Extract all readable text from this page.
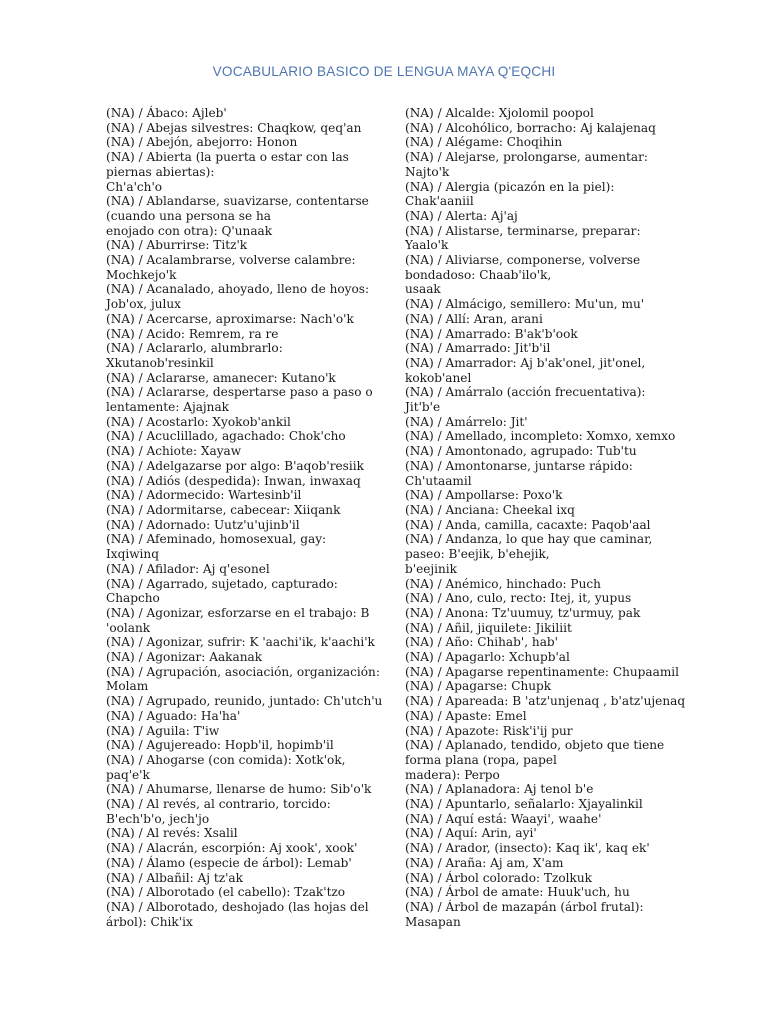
VOCABULARIO BASICO DE LENGUA MAYA Q'EQCHI
(NA) / Ábaco: Ajleb'
(NA) / Abejas silvestres: Chaqkow, qeq'an
(NA) / Abejón, abejorro: Honon
(NA) / Abierta (la puerta o estar con las
piernas abiertas):
Ch'a'ch'o
(NA) / Ablandarse, suavizarse, contentarse
(cuando una persona se ha
enojado con otra): Q'unaak
(NA) / Aburrirse: Titz'k
(NA) / Acalambrarse, volverse calambre:
Mochkejo'k
(NA) / Acanalado, ahoyado, lleno de hoyos:
Job'ox, julux
(NA) / Acercarse, aproximarse: Nach'o'k
(NA) / Acido: Remrem, ra re
(NA) / Aclararlo, alumbrarlo:
Xkutanob'resinkil
(NA) / Aclararse, amanecer: Kutano'k
(NA) / Aclararse, despertarse paso a paso o
lentamente: Ajajnak
(NA) / Acostarlo: Xyokob'ankil
(NA) / Acuclillado, agachado: Chok'cho
(NA) / Achiote: Xayaw
(NA) / Adelgazarse por algo: B'aqob'resiik
(NA) / Adiós (despedida): Inwan, inwaxaq
(NA) / Adormecido: Wartesinb'il
(NA) / Adormitarse, cabecear: Xiiqank
(NA) / Adornado: Uutz'u'ujinb'il
(NA) / Afeminado, homosexual, gay:
Ixqiwinq
(NA) / Afilador: Aj q'esonel
(NA) / Agarrado, sujetado, capturado:
Chapcho
(NA) / Agonizar, esforzarse en el trabajo: B
'oolank
(NA) / Agonizar, sufrir: K 'aachi'ik, k'aachi'k
(NA) / Agonizar: Aakanak
(NA) / Agrupación, asociación, organización:
Molam
(NA) / Agrupado, reunido, juntado: Ch'utch'u
(NA) / Aguado: Ha'ha'
(NA) / Aguila: T'iw
(NA) / Agujereado: Hopb'il, hopimb'il
(NA) / Ahogarse (con comida): Xotk'ok,
paq'e'k
(NA) / Ahumarse, llenarse de humo: Sib'o'k
(NA) / Al revés, al contrario, torcido:
B'ech'b'o, jech'jo
(NA) / Al revés: Xsalil
(NA) / Alacrán, escorpión: Aj xook', xook'
(NA) / Álamo (especie de árbol): Lemab'
(NA) / Albañil: Aj tz'ak
(NA) / Alborotado (el cabello): Tzak'tzo
(NA) / Alborotado, deshojado (las hojas del
árbol): Chik'ix
(NA) / Alcalde: Xjolomil poopol
(NA) / Alcohólico, borracho: Aj kalajenaq
(NA) / Alégame: Choqihin
(NA) / Alejarse, prolongarse, aumentar:
Najto'k
(NA) / Alergia (picazón en la piel):
Chak'aaniil
(NA) / Alerta: Aj'aj
(NA) / Alistarse, terminarse, preparar:
Yaalo'k
(NA) / Aliviarse, componerse, volverse
bondadoso: Chaab'ilo'k,
usaak
(NA) / Almácigo, semillero: Mu'un, mu'
(NA) / Allí: Aran, arani
(NA) / Amarrado: B'ak'b'ook
(NA) / Amarrado: Jit'b'il
(NA) / Amarrador: Aj b'ak'onel, jit'onel,
kokob'anel
(NA) / Amárralo (acción frecuentativa):
Jit'b'e
(NA) / Amárrelo: Jit'
(NA) / Amellado, incompleto: Xomxo, xemxo
(NA) / Amontonado, agrupado: Tub'tu
(NA) / Amontonarse, juntarse rápido:
Ch'utaamil
(NA) / Ampollarse: Poxo'k
(NA) / Anciana: Cheekal ixq
(NA) / Anda, camilla, cacaxte: Paqob'aal
(NA) / Andanza, lo que hay que caminar,
paseo: B'eejik, b'ehejik,
b'eejinik
(NA) / Anémico, hinchado: Puch
(NA) / Ano, culo, recto: Itej, it, yupus
(NA) / Anona: Tz'uumuy, tz'urmuy, pak
(NA) / Añil, jiquilete: Jikiliit
(NA) / Año: Chihab', hab'
(NA) / Apagarlo: Xchupb'al
(NA) / Apagarse repentinamente: Chupaamil
(NA) / Apagarse: Chupk
(NA) / Apareada: B 'atz'unjenaq , b'atz'ujenaq
(NA) / Apaste: Emel
(NA) / Apazote: Risk'i'ij pur
(NA) / Aplanado, tendido, objeto que tiene
forma plana (ropa, papel
madera): Perpo
(NA) / Aplanadora: Aj tenol b'e
(NA) / Apuntarlo, señalarlo: Xjayalinkil
(NA) / Aquí está: Waayi', waahe'
(NA) / Aquí: Arin, ayi'
(NA) / Arador, (insecto): Kaq ik', kaq ek'
(NA) / Araña: Aj am, X'am
(NA) / Árbol colorado: Tzolkuk
(NA) / Árbol de amate: Huuk'uch, hu
(NA) / Árbol de mazapán (árbol frutal):
Masapan
